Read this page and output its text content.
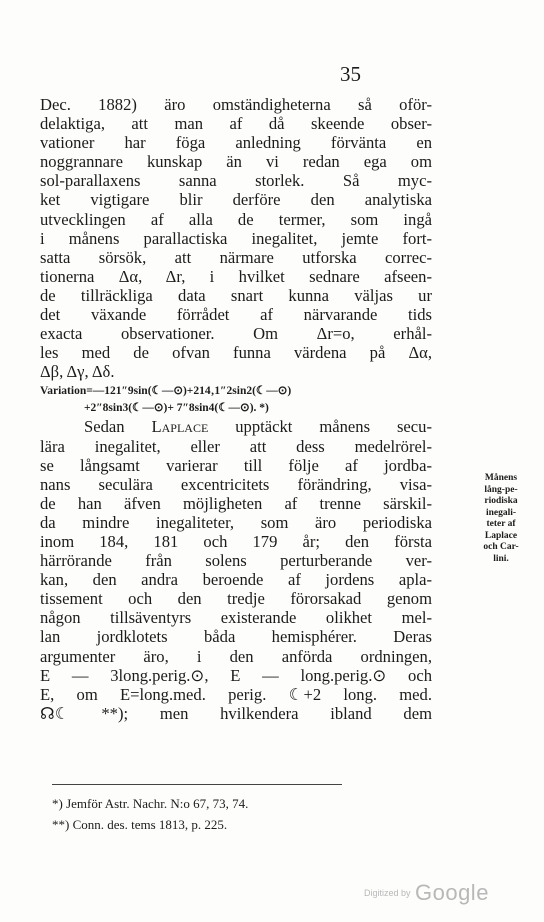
35
Dec. 1882) äro omständigheterna så oför-
delaktiga, att man af då skeende obser-
vationer har föga anledning förvänta en
noggrannare kunskap än vi redan ega om
sol-parallaxens sanna storlek. Så myc-
ket vigtigare blir derföre den analytiska
utvecklingen af alla de termer, som ingå
i månens parallactiska inegalitet, jemte fort-
satta sörsök, att närmare utforska correc-
tionerna Δα, Δr, i hvilket sednare afseen-
de tillräckliga data snart kunna väljas ur
det växande förrådet af närvarande tids
exacta observationer. Om Δr=o, erhål-
les med de ofvan funna värdena på Δα,
Δβ, Δγ, Δδ.
Variation=—121″9sin(☾—⊙)+214‚1″2sin2(☾—⊙)
+2″8sin3(☾—⊙)+ 7″8sin4(☾—⊙). *)
Sedan Laplace upptäckt månens secu-
lära inegalitet, eller att dess medelrörel-
se långsamt varierar till följe af jordba-
nans seculära excentricitets förändring, visa-
de han äfven möjligheten af trenne särskil-
da mindre inegaliteter, som äro periodiska
inom 184, 181 och 179 år; den första
härrörande från solens perturberande ver-
kan, den andra beroende af jordens apla-
tissement och den tredje förorsakad genom
någon tillsäventyrs existerande olikhet mel-
lan jordklotets båda hemisphérer. Deras
argumenter äro, i den anförda ordningen,
E — 3long.perig.⊙, E — long.perig.⊙ och
E, om E=long.med. perig. ☾+2 long. med.
☊☾ **); men hvilkendera ibland dem
Månens
lång-pe-
riodiska
inegali-
teter af
Laplace
och Car-
lini.
*) Jemför Astr. Nachr. N:o 67, 73, 74.
**) Conn. des. tems 1813, p. 225.
Digitized by Google
